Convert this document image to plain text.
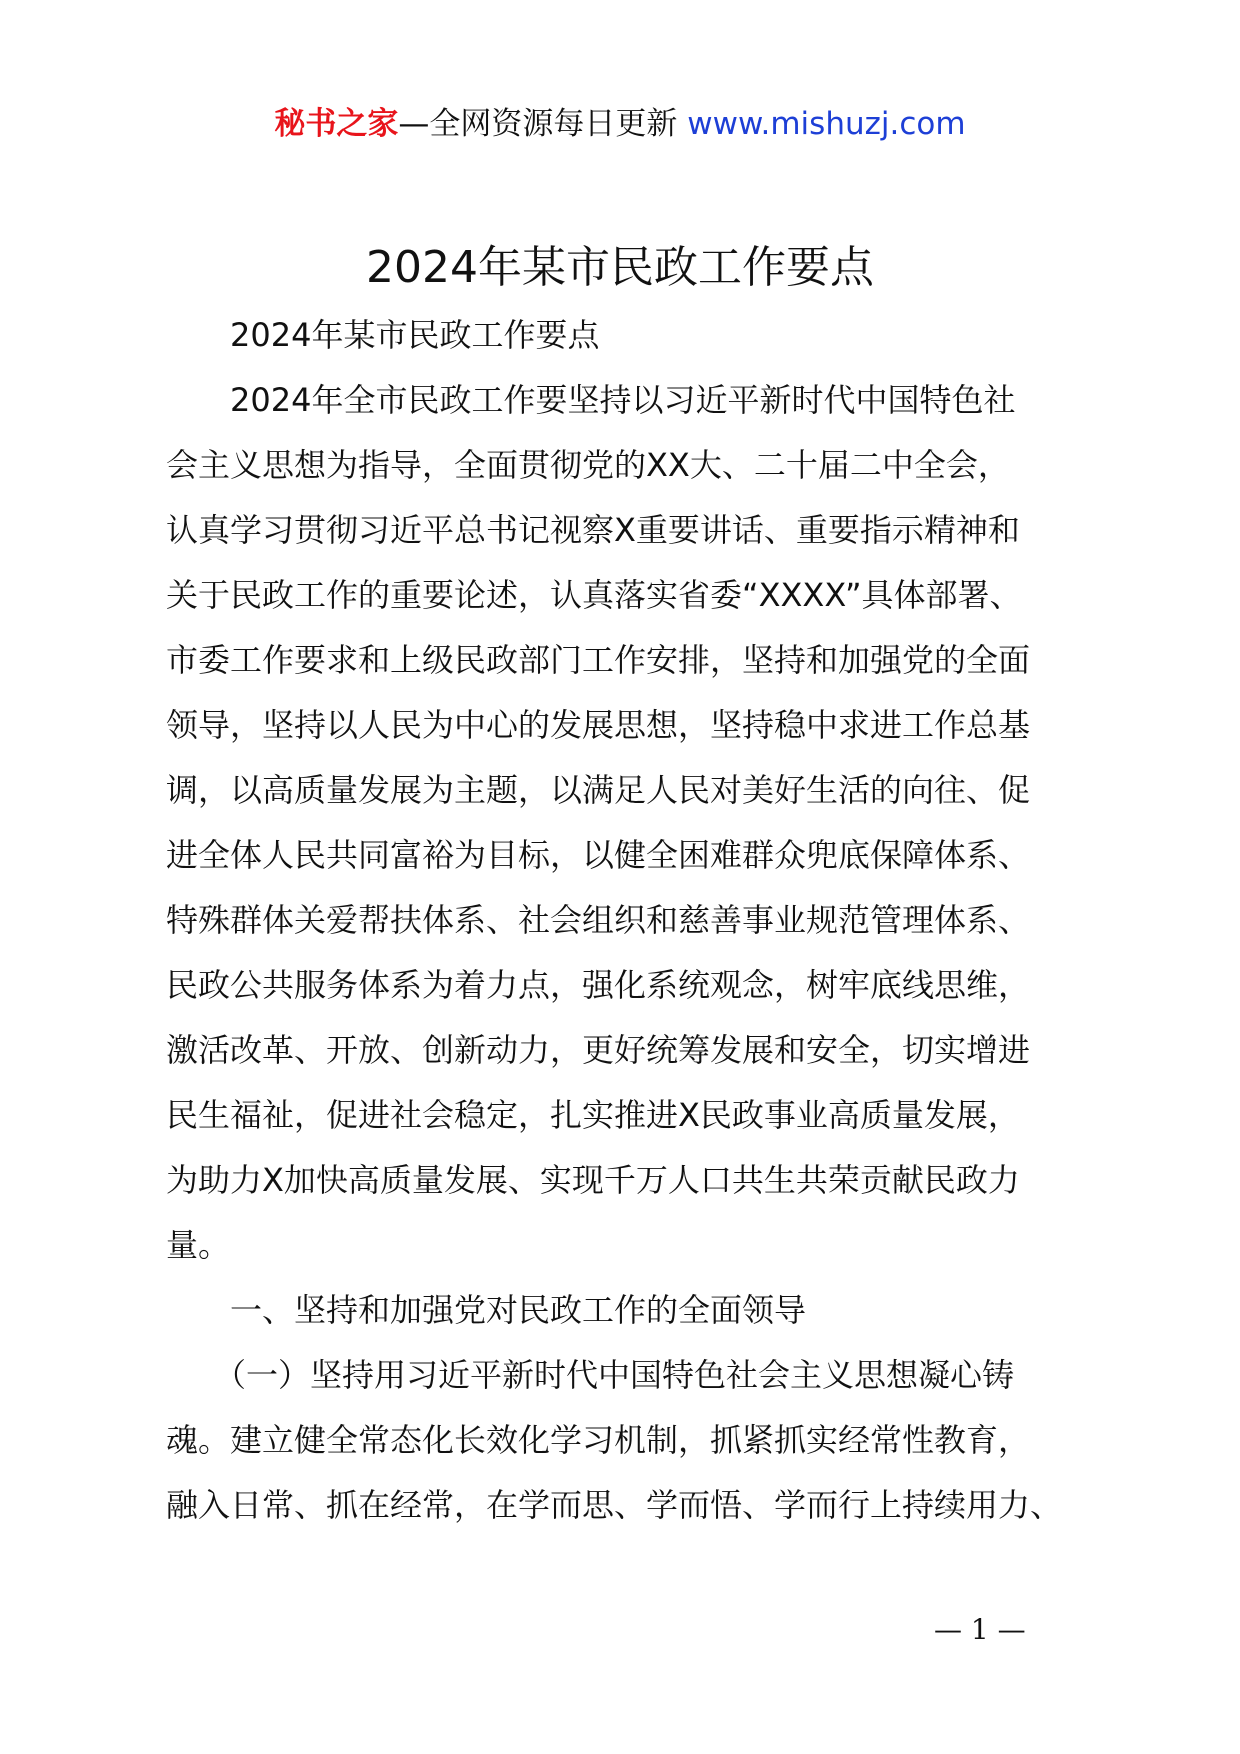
秘书之家—全网资源每日更新 www.mishuzj.com
2024年某市民政工作要点
　　2024年某市民政工作要点
　　2024年全市民政工作要坚持以习近平新时代中国特色社
会主义思想为指导，全面贯彻党的XX大、二十届二中全会，
认真学习贯彻习近平总书记视察X重要讲话、重要指示精神和
关于民政工作的重要论述，认真落实省委“XXXX”具体部署、
市委工作要求和上级民政部门工作安排，坚持和加强党的全面
领导，坚持以人民为中心的发展思想，坚持稳中求进工作总基
调，以高质量发展为主题，以满足人民对美好生活的向往、促
进全体人民共同富裕为目标，以健全困难群众兜底保障体系、
特殊群体关爱帮扶体系、社会组织和慈善事业规范管理体系、
民政公共服务体系为着力点，强化系统观念，树牢底线思维，
激活改革、开放、创新动力，更好统筹发展和安全，切实增进
民生福祉，促进社会稳定，扎实推进X民政事业高质量发展，
为助力X加快高质量发展、实现千万人口共生共荣贡献民政力
量。
　　一、坚持和加强党对民政工作的全面领导
　　（一）坚持用习近平新时代中国特色社会主义思想凝心铸
魂。建立健全常态化长效化学习机制，抓紧抓实经常性教育，
融入日常、抓在经常，在学而思、学而悟、学而行上持续用力、
— 1 —
